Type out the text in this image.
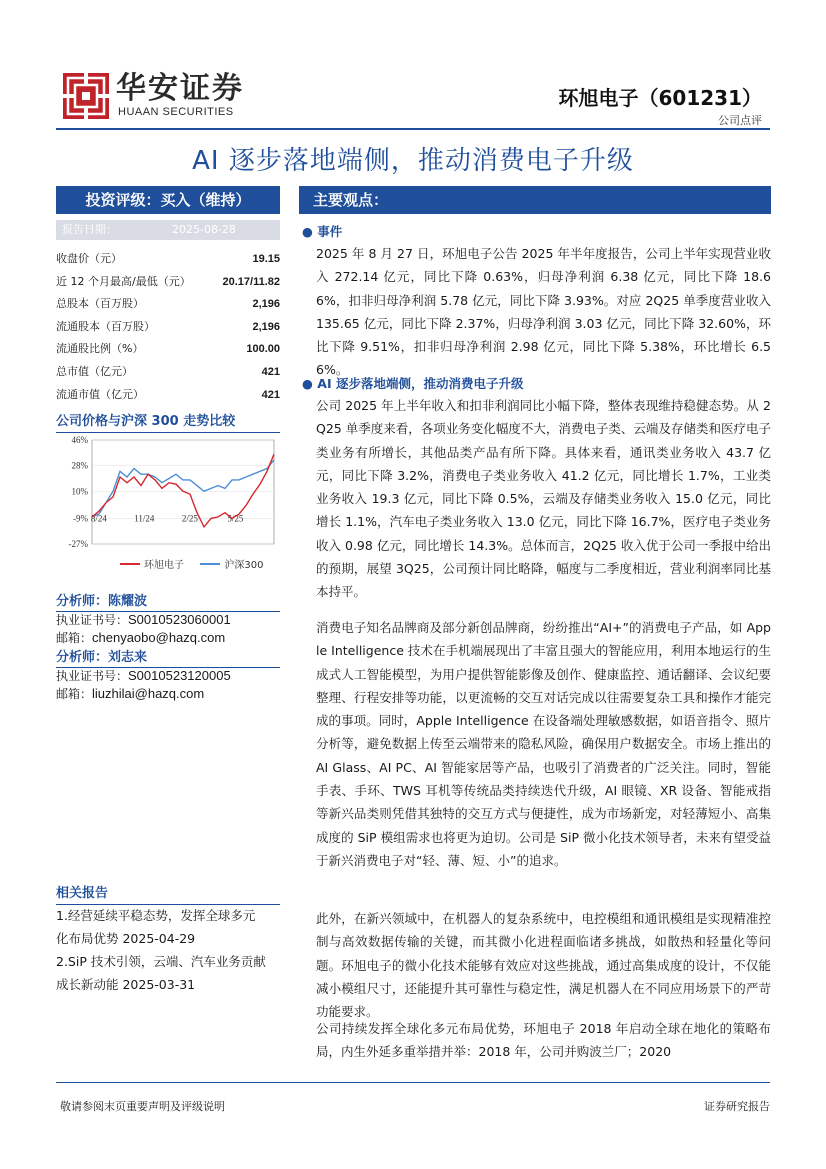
华安证券
HUAAN SECURITIES
环旭电子（601231）
公司点评
AI 逐步落地端侧，推动消费电子升级
投资评级：买入（维持）
报告日期：	2025-08-28
收盘价（元）	19.15
近 12 个月最高/最低（元）	20.17/11.82
总股本（百万股）	2,196
流通股本（百万股）	2,196
流通股比例（%）	100.00
总市值（亿元）	421
流通市值（亿元）	421
公司价格与沪深 300 走势比较
46%
28%
10%
-9%
-27%
8/24	11/24	2/25	5/25
环旭电子	沪深300
分析师：陈耀波
执业证书号：S0010523060001
邮箱：chenyaobo@hazq.com
分析师：刘志来
执业证书号：S0010523120005
邮箱：liuzhilai@hazq.com
相关报告
1.经营延续平稳态势，发挥全球多元
化布局优势 2025-04-29
2.SiP 技术引领，云端、汽车业务贡献
成长新动能 2025-03-31
主要观点：
● 事件
2025 年 8 月 27 日，环旭电子公告 2025 年半年度报告，公司上半年实现营业收入 272.14 亿元，同比下降 0.63%，归母净利润 6.38 亿元，同比下降 18.66%，扣非归母净利润 5.78 亿元，同比下降 3.93%。对应 2Q25 单季度营业收入 135.65 亿元，同比下降 2.37%，归母净利润 3.03 亿元，同比下降 32.60%，环比下降 9.51%，扣非归母净利润 2.98 亿元，同比下降 5.38%，环比增长 6.56%。
● AI 逐步落地端侧，推动消费电子升级
公司 2025 年上半年收入和扣非利润同比小幅下降，整体表现维持稳健态势。从 2Q25 单季度来看，各项业务变化幅度不大，消费电子类、云端及存储类和医疗电子类业务有所增长，其他品类产品有所下降。具体来看，通讯类业务收入 43.7 亿元，同比下降 3.2%，消费电子类业务收入 41.2 亿元，同比增长 1.7%，工业类业务收入 19.3 亿元，同比下降 0.5%，云端及存储类业务收入 15.0 亿元，同比增长 1.1%，汽车电子类业务收入 13.0 亿元，同比下降 16.7%，医疗电子类业务收入 0.98 亿元，同比增长 14.3%。总体而言，2Q25 收入优于公司一季报中给出的预期，展望 3Q25，公司预计同比略降，幅度与二季度相近，营业利润率同比基本持平。
消费电子知名品牌商及部分新创品牌商，纷纷推出“AI+”的消费电子产品，如 Apple Intelligence 技术在手机端展现出了丰富且强大的智能应用，利用本地运行的生成式人工智能模型，为用户提供智能影像及创作、健康监控、通话翻译、会议纪要整理、行程安排等功能，以更流畅的交互对话完成以往需要复杂工具和操作才能完成的事项。同时，Apple Intelligence 在设备端处理敏感数据，如语音指令、照片分析等，避免数据上传至云端带来的隐私风险，确保用户数据安全。市场上推出的 AI Glass、AI PC、AI 智能家居等产品，也吸引了消费者的广泛关注。同时，智能手表、手环、TWS 耳机等传统品类持续迭代升级，AI 眼镜、XR 设备、智能戒指等新兴品类则凭借其独特的交互方式与便捷性，成为市场新宠，对轻薄短小、高集成度的 SiP 模组需求也将更为迫切。公司是 SiP 微小化技术领导者，未来有望受益于新兴消费电子对“轻、薄、短、小”的追求。
此外，在新兴领域中，在机器人的复杂系统中，电控模组和通讯模组是实现精准控制与高效数据传输的关键，而其微小化进程面临诸多挑战，如散热和轻量化等问题。环旭电子的微小化技术能够有效应对这些挑战，通过高集成度的设计，不仅能减小模组尺寸，还能提升其可靠性与稳定性，满足机器人在不同应用场景下的严苛功能要求。
公司持续发挥全球化多元布局优势，环旭电子 2018 年启动全球在地化的策略布局，内生外延多重举措并举：2018 年，公司并购波兰厂；2020
敬请参阅末页重要声明及评级说明	证券研究报告
